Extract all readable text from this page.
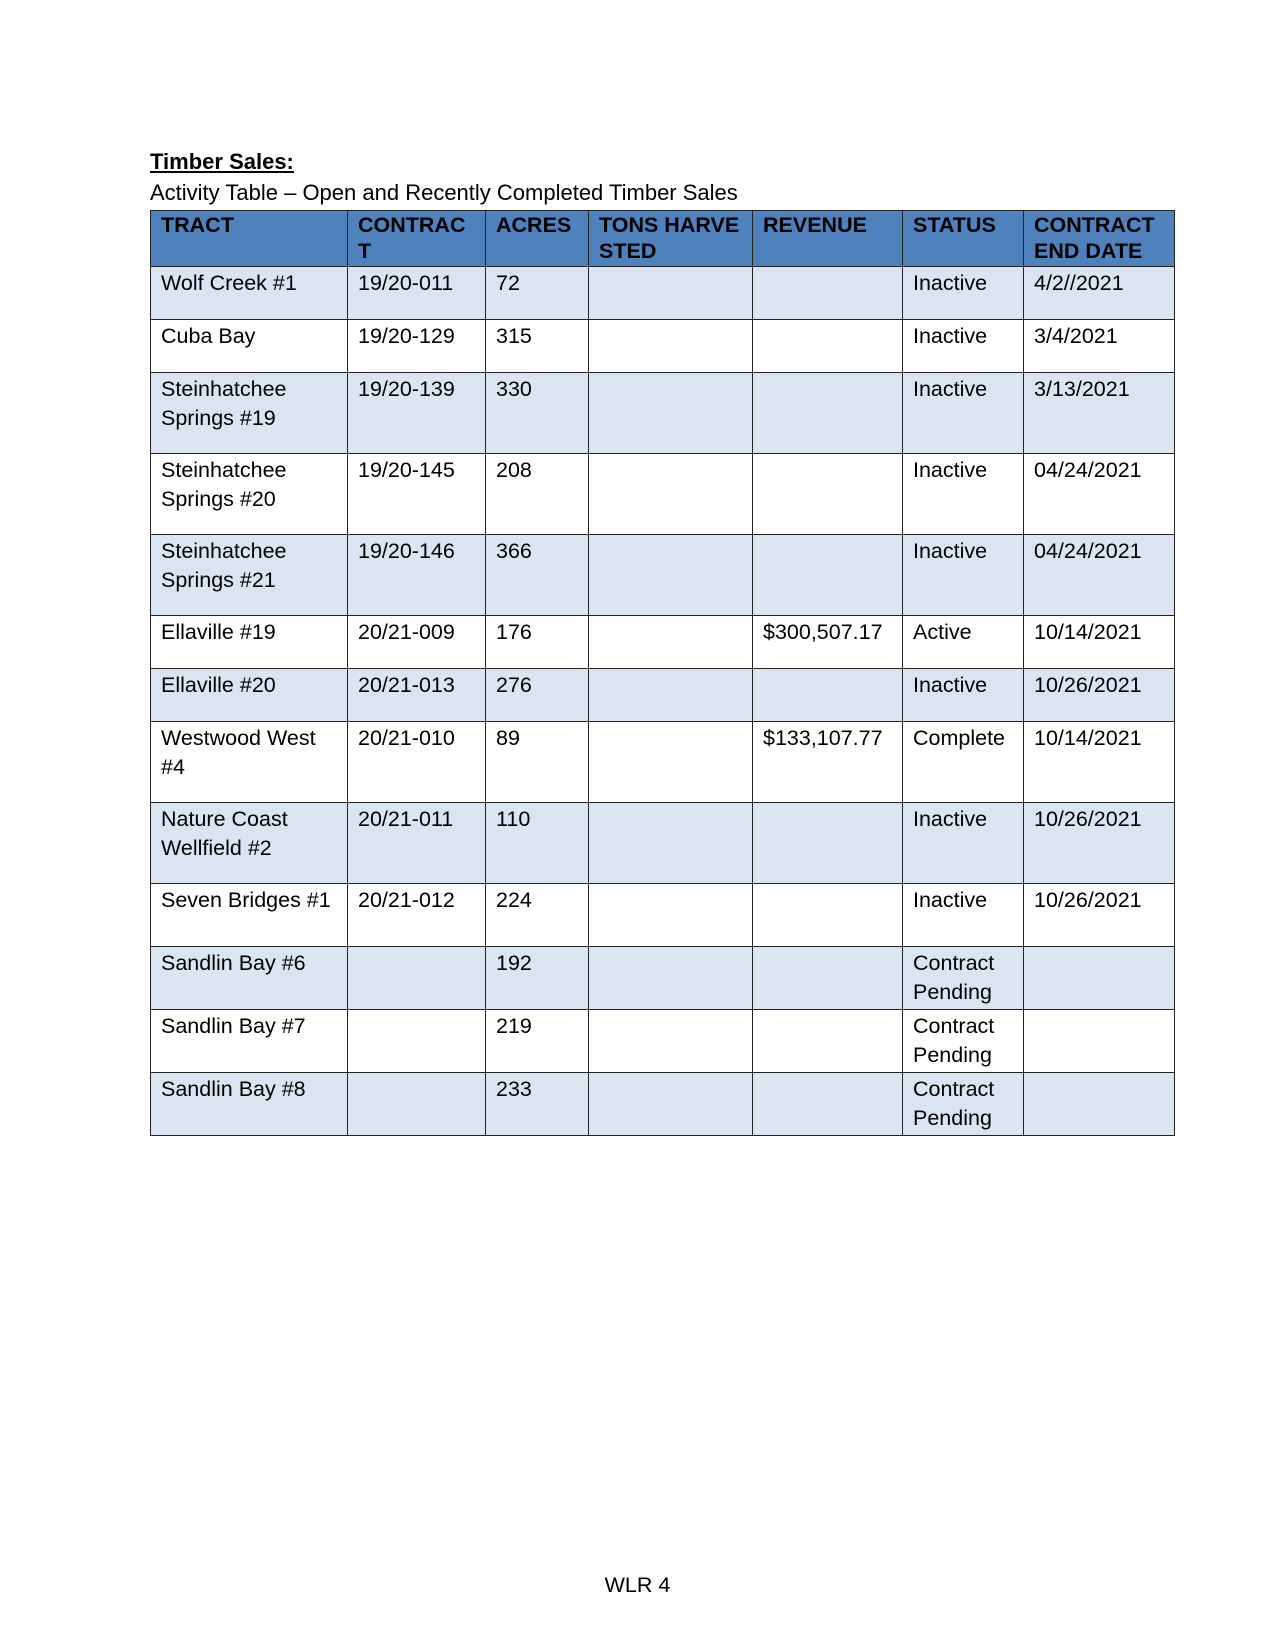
Timber Sales:

Activity Table – Open and Recently Completed Timber Sales

TRACT	CONTRACT	ACRES	TONS HARVESTED	REVENUE	STATUS	CONTRACT END DATE
Wolf Creek #1	19/20-011	72			Inactive	4/2//2021
Cuba Bay	19/20-129	315			Inactive	3/4/2021
Steinhatchee Springs #19	19/20-139	330			Inactive	3/13/2021
Steinhatchee Springs #20	19/20-145	208			Inactive	04/24/2021
Steinhatchee Springs #21	19/20-146	366			Inactive	04/24/2021
Ellaville #19	20/21-009	176		$300,507.17	Active	10/14/2021
Ellaville #20	20/21-013	276			Inactive	10/26/2021
Westwood West #4	20/21-010	89		$133,107.77	Complete	10/14/2021
Nature Coast Wellfield #2	20/21-011	110			Inactive	10/26/2021
Seven Bridges #1	20/21-012	224			Inactive	10/26/2021
Sandlin Bay #6		192			Contract Pending	
Sandlin Bay #7		219			Contract Pending	
Sandlin Bay #8		233			Contract Pending	
WLR 4
